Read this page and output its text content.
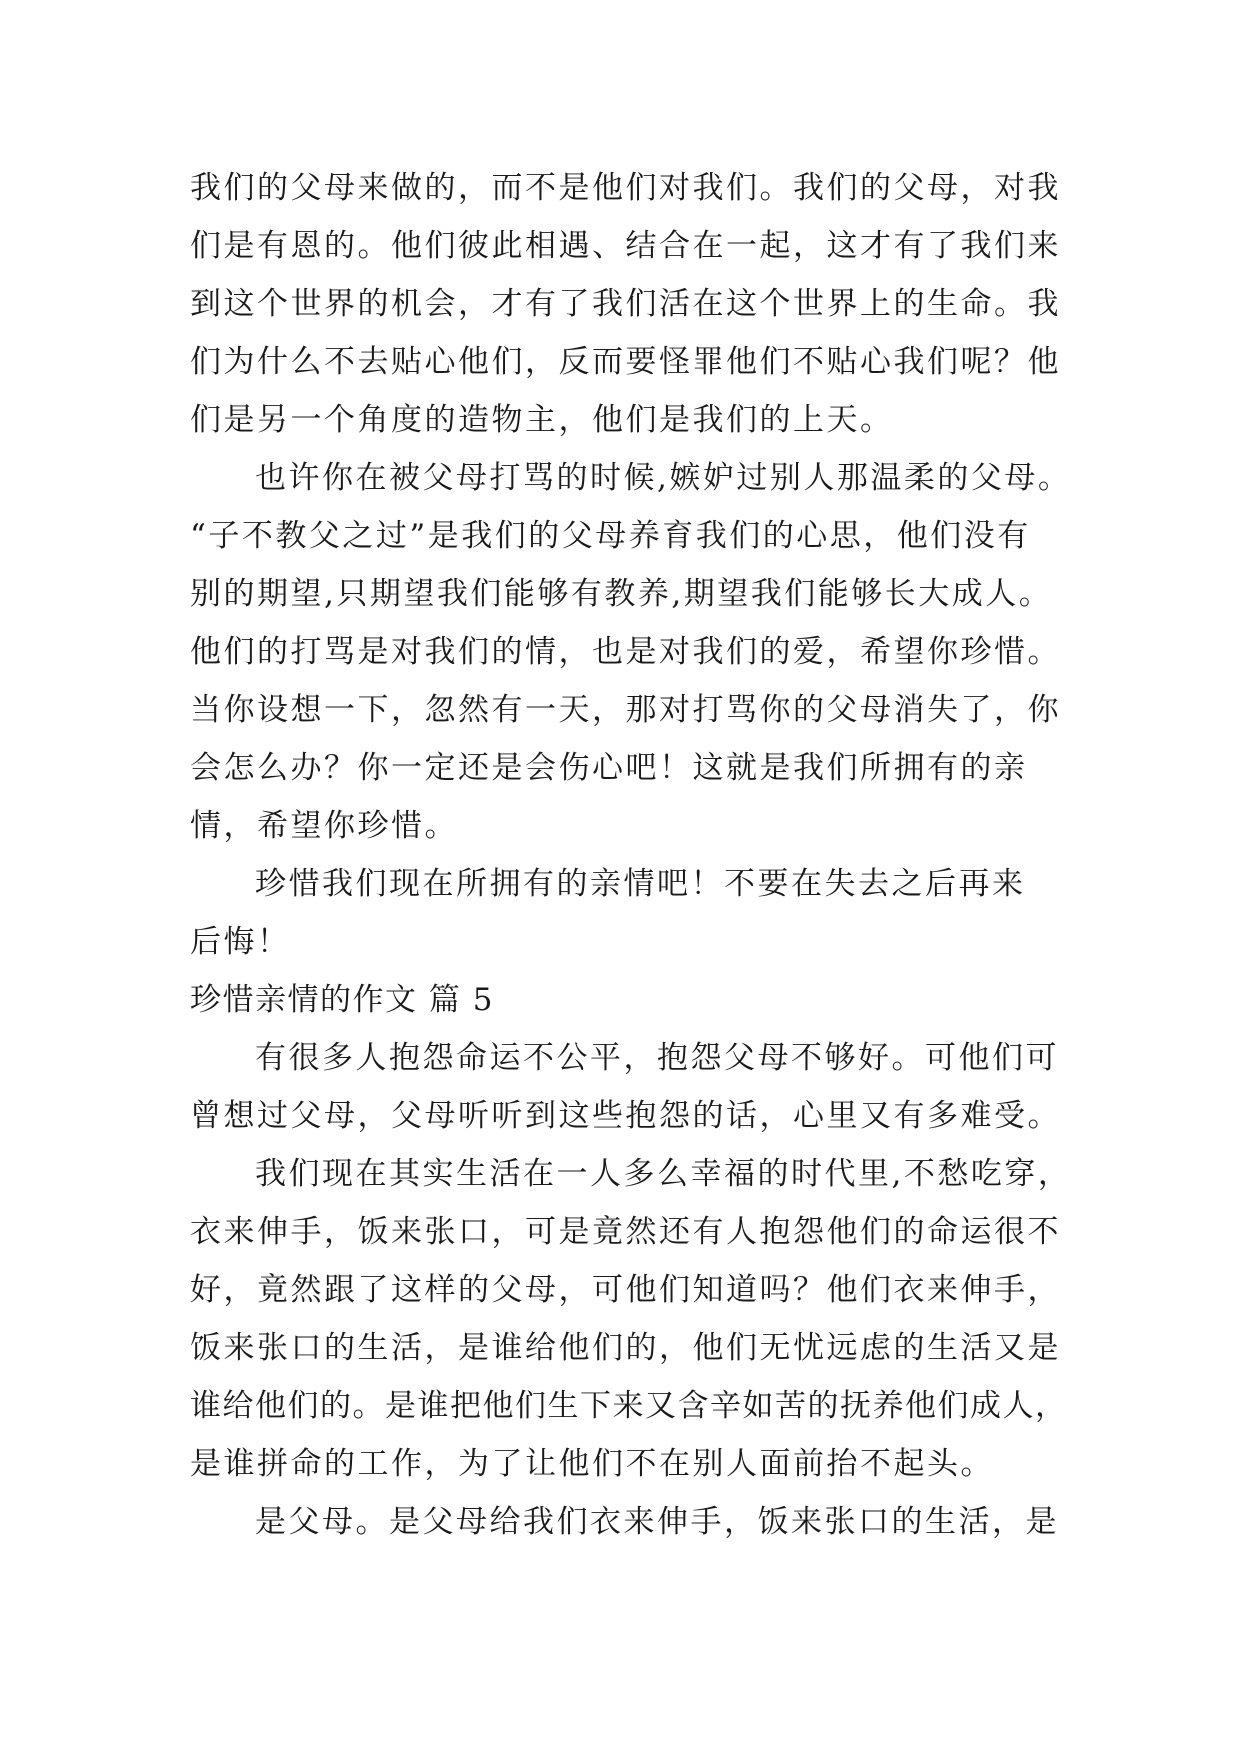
我们的父母来做的，而不是他们对我们。我们的父母，对我

们是有恩的。他们彼此相遇、结合在一起，这才有了我们来

到这个世界的机会，才有了我们活在这个世界上的生命。我

们为什么不去贴心他们，反而要怪罪他们不贴心我们呢？他

们是另一个角度的造物主，他们是我们的上天。

也许你在被父母打骂的时候,嫉妒过别人那温柔的父母。

“子不教父之过”是我们的父母养育我们的心思，他们没有

别的期望,只期望我们能够有教养,期望我们能够长大成人。

他们的打骂是对我们的情，也是对我们的爱，希望你珍惜。

当你设想一下，忽然有一天，那对打骂你的父母消失了，你

会怎么办？你一定还是会伤心吧！这就是我们所拥有的亲

情，希望你珍惜。

珍惜我们现在所拥有的亲情吧！不要在失去之后再来

后悔！

珍惜亲情的作文 篇 5

有很多人抱怨命运不公平，抱怨父母不够好。可他们可

曾想过父母，父母听听到这些抱怨的话，心里又有多难受。

我们现在其实生活在一人多么幸福的时代里,不愁吃穿，

衣来伸手，饭来张口，可是竟然还有人抱怨他们的命运很不

好，竟然跟了这样的父母，可他们知道吗？他们衣来伸手，

饭来张口的生活，是谁给他们的，他们无忧远虑的生活又是

谁给他们的。是谁把他们生下来又含辛如苦的抚养他们成人，

是谁拼命的工作，为了让他们不在别人面前抬不起头。

是父母。是父母给我们衣来伸手，饭来张口的生活，是
